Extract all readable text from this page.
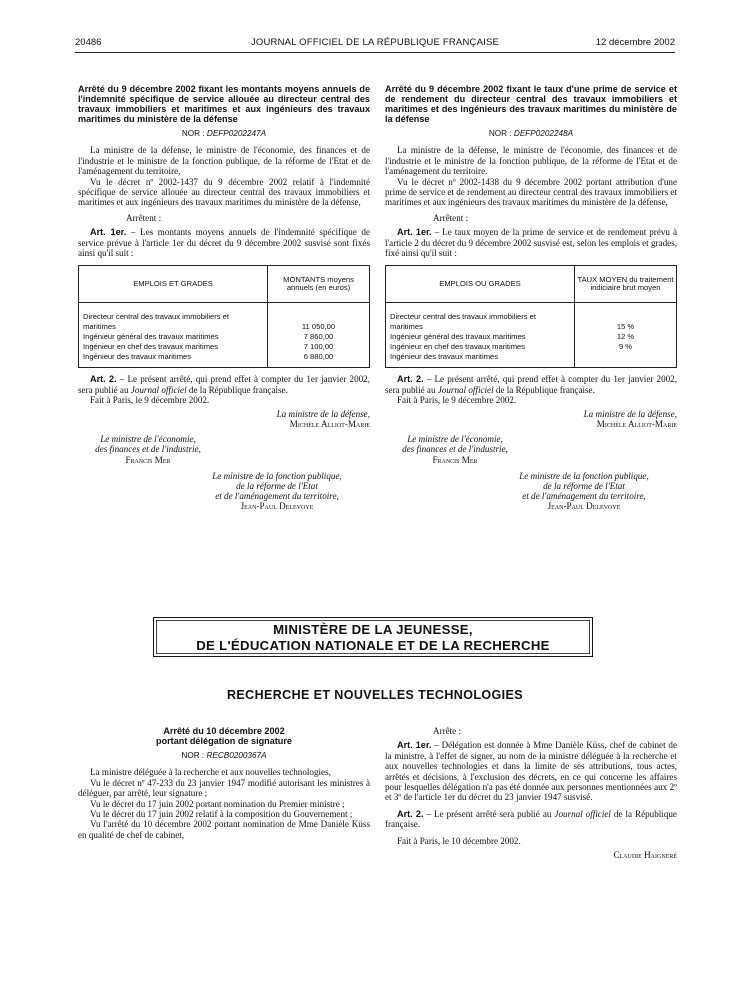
20486	JOURNAL OFFICIEL DE LA RÉPUBLIQUE FRANÇAISE	12 décembre 2002
Arrêté du 9 décembre 2002 fixant les montants moyens annuels de l'indemnité spécifique de service allouée au directeur central des travaux immobiliers et maritimes et aux ingénieurs des travaux maritimes du ministère de la défense
NOR : DEFP0202247A

La ministre de la défense, le ministre de l'économie, des finances et de l'industrie et le ministre de la fonction publique, de la réforme de l'Etat et de l'aménagement du territoire,

Vu le décret nº 2002-1437 du 9 décembre 2002 relatif à l'indemnité spécifique de service allouée au directeur central des travaux immobiliers et maritimes et aux ingénieurs des travaux maritimes du ministère de la défense,

Arrêtent :

Art. 1er. – Les montants moyens annuels de l'indemnité spécifique de service prévue à l'article 1er du décret du 9 décembre 2002 susvisé sont fixés ainsi qu'il suit :

EMPLOIS ET GRADES	MONTANTS moyens annuels (en euros)

Directeur central des travaux immobiliers et maritimes	11 050,00
Ingénieur général des travaux maritimes	7 860,00
Ingénieur en chef des travaux maritimes	7 100,00
Ingénieur des travaux maritimes	6 880,00

Art. 2. – Le présent arrêté, qui prend effet à compter du 1er janvier 2002, sera publié au Journal officiel de la République française.

Fait à Paris, le 9 décembre 2002.

La ministre de la défense,
Michèle Alliot-Marie
Le ministre de l'économie,
des finances et de l'industrie,
Francis Mer
Le ministre de la fonction publique,
de la réforme de l'Etat
et de l'aménagement du territoire,
Jean-Paul Delevoye
Arrêté du 9 décembre 2002 fixant le taux d'une prime de service et de rendement du directeur central des travaux immobiliers et maritimes et des ingénieurs des travaux maritimes du ministère de la défense
NOR : DEFP0202248A

La ministre de la défense, le ministre de l'économie, des finances et de l'industrie et le ministre de la fonction publique, de la réforme de l'Etat et de l'aménagement du territoire.

Vu le décret nº 2002-1438 du 9 décembre 2002 portant attribution d'une prime de service et de rendement au directeur central des travaux immobiliers et maritimes et aux ingénieurs des travaux maritimes du ministère de la défense,

Arrêtent :

Art. 1er. – Le taux moyen de la prime de service et de rendement prévu à l'article 2 du décret du 9 décembre 2002 susvisé est, selon les emplois et grades, fixé ainsi qu'il suit :

EMPLOIS OU GRADES	TAUX MOYEN du traitement indiciaire brut moyen

Directeur central des travaux immobiliers et maritimes	15 %
Ingénieur général des travaux maritimes	12 %
Ingénieur en chef des travaux maritimes	9 %
Ingénieur des travaux maritimes	

Art. 2. – Le présent arrêté, qui prend effet à compter du 1er janvier 2002, sera publié au Journal officiel de la République française.

Fait à Paris, le 9 décembre 2002.

La ministre de la défense,
Michèle Alliot-Marie
Le ministre de l'économie,
des finances et de l'industrie,
Francis Mer
Le ministre de la fonction publique,
de la réforme de l'Etat
et de l'aménagement du territoire,
Jean-Paul Delevoye
MINISTÈRE DE LA JEUNESSE,
DE L'ÉDUCATION NATIONALE ET DE LA RECHERCHE
RECHERCHE ET NOUVELLES TECHNOLOGIES
Arrêté du 10 décembre 2002
portant délégation de signature
NOR : RECB0200367A

La ministre déléguée à la recherche et aux nouvelles technologies,

Vu le décret nº 47-233 du 23 janvier 1947 modifié autorisant les ministres à déléguer, par arrêté, leur signature ;

Vu le décret du 17 juin 2002 portant nomination du Premier ministre ;

Vu le décret du 17 juin 2002 relatif à la composition du Gouvernement ;

Vu l'arrêté du 10 décembre 2002 portant nomination de Mme Danièle Küss en qualité de chef de cabinet,

Arrête :

Art. 1er. – Délégation est donnée à Mme Danièle Küss, chef de cabinet de la ministre, à l'effet de signer, au nom de la ministre déléguée à la recherche et aux nouvelles technologies et dans la limite de ses attributions, tous actes, arrêtés et décisions, à l'exclusion des décrets, en ce qui concerne les affaires pour lesquelles délégation n'a pas été donnée aux personnes mentionnées aux 2º et 3º de l'article 1er du décret du 23 janvier 1947 susvisé.

Art. 2. – Le présent arrêté sera publié au Journal officiel de la République française.

Fait à Paris, le 10 décembre 2002.

Claudie Haigneré
